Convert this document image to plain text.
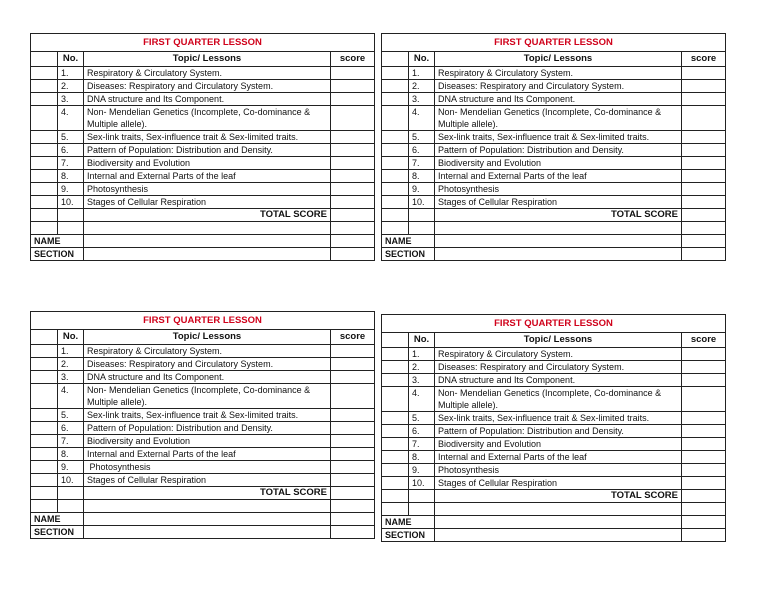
FIRST QUARTER LESSON			
	No.	Topic/ Lessons	score
	1.	Respiratory & Circulatory System.	
	2.	Diseases: Respiratory and Circulatory System.	
	3.	DNA structure and Its Component.	
	4.	Non- Mendelian Genetics (Incomplete, Co-dominance & Multiple allele).	
	5.	Sex-link traits, Sex-influence trait & Sex-limited traits.	
	6.	Pattern of Population: Distribution and Density.	
	7.	Biodiversity and Evolution	
	8.	Internal and External Parts of the leaf	
	9.	Photosynthesis	
	10.	Stages of Cellular Respiration	
		TOTAL SCORE	

NAME			
SECTION			
FIRST QUARTER LESSON			
	No.	Topic/ Lessons	score
	1.	Respiratory & Circulatory System.	
	2.	Diseases: Respiratory and Circulatory System.	
	3.	DNA structure and Its Component.	
	4.	Non- Mendelian Genetics (Incomplete, Co-dominance & Multiple allele).	
	5.	Sex-link traits, Sex-influence trait & Sex-limited traits.	
	6.	Pattern of Population: Distribution and Density.	
	7.	Biodiversity and Evolution	
	8.	Internal and External Parts of the leaf	
	9.	Photosynthesis	
	10.	Stages of Cellular Respiration	
		TOTAL SCORE	

NAME			
SECTION			
FIRST QUARTER LESSON			
	No.	Topic/ Lessons	score
	1.	Respiratory & Circulatory System.	
	2.	Diseases: Respiratory and Circulatory System.	
	3.	DNA structure and Its Component.	
	4.	Non- Mendelian Genetics (Incomplete, Co-dominance & Multiple allele).	
	5.	Sex-link traits, Sex-influence trait & Sex-limited traits.	
	6.	Pattern of Population: Distribution and Density.	
	7.	Biodiversity and Evolution	
	8.	Internal and External Parts of the leaf	
	9.	Photosynthesis	
	10.	Stages of Cellular Respiration	
		TOTAL SCORE	

NAME			
SECTION			
FIRST QUARTER LESSON			
	No.	Topic/ Lessons	score
	1.	Respiratory & Circulatory System.	
	2.	Diseases: Respiratory and Circulatory System.	
	3.	DNA structure and Its Component.	
	4.	Non- Mendelian Genetics (Incomplete, Co-dominance & Multiple allele).	
	5.	Sex-link traits, Sex-influence trait & Sex-limited traits.	
	6.	Pattern of Population: Distribution and Density.	
	7.	Biodiversity and Evolution	
	8.	Internal and External Parts of the leaf	
	9.	Photosynthesis	
	10.	Stages of Cellular Respiration	
		TOTAL SCORE	

NAME			
SECTION			
